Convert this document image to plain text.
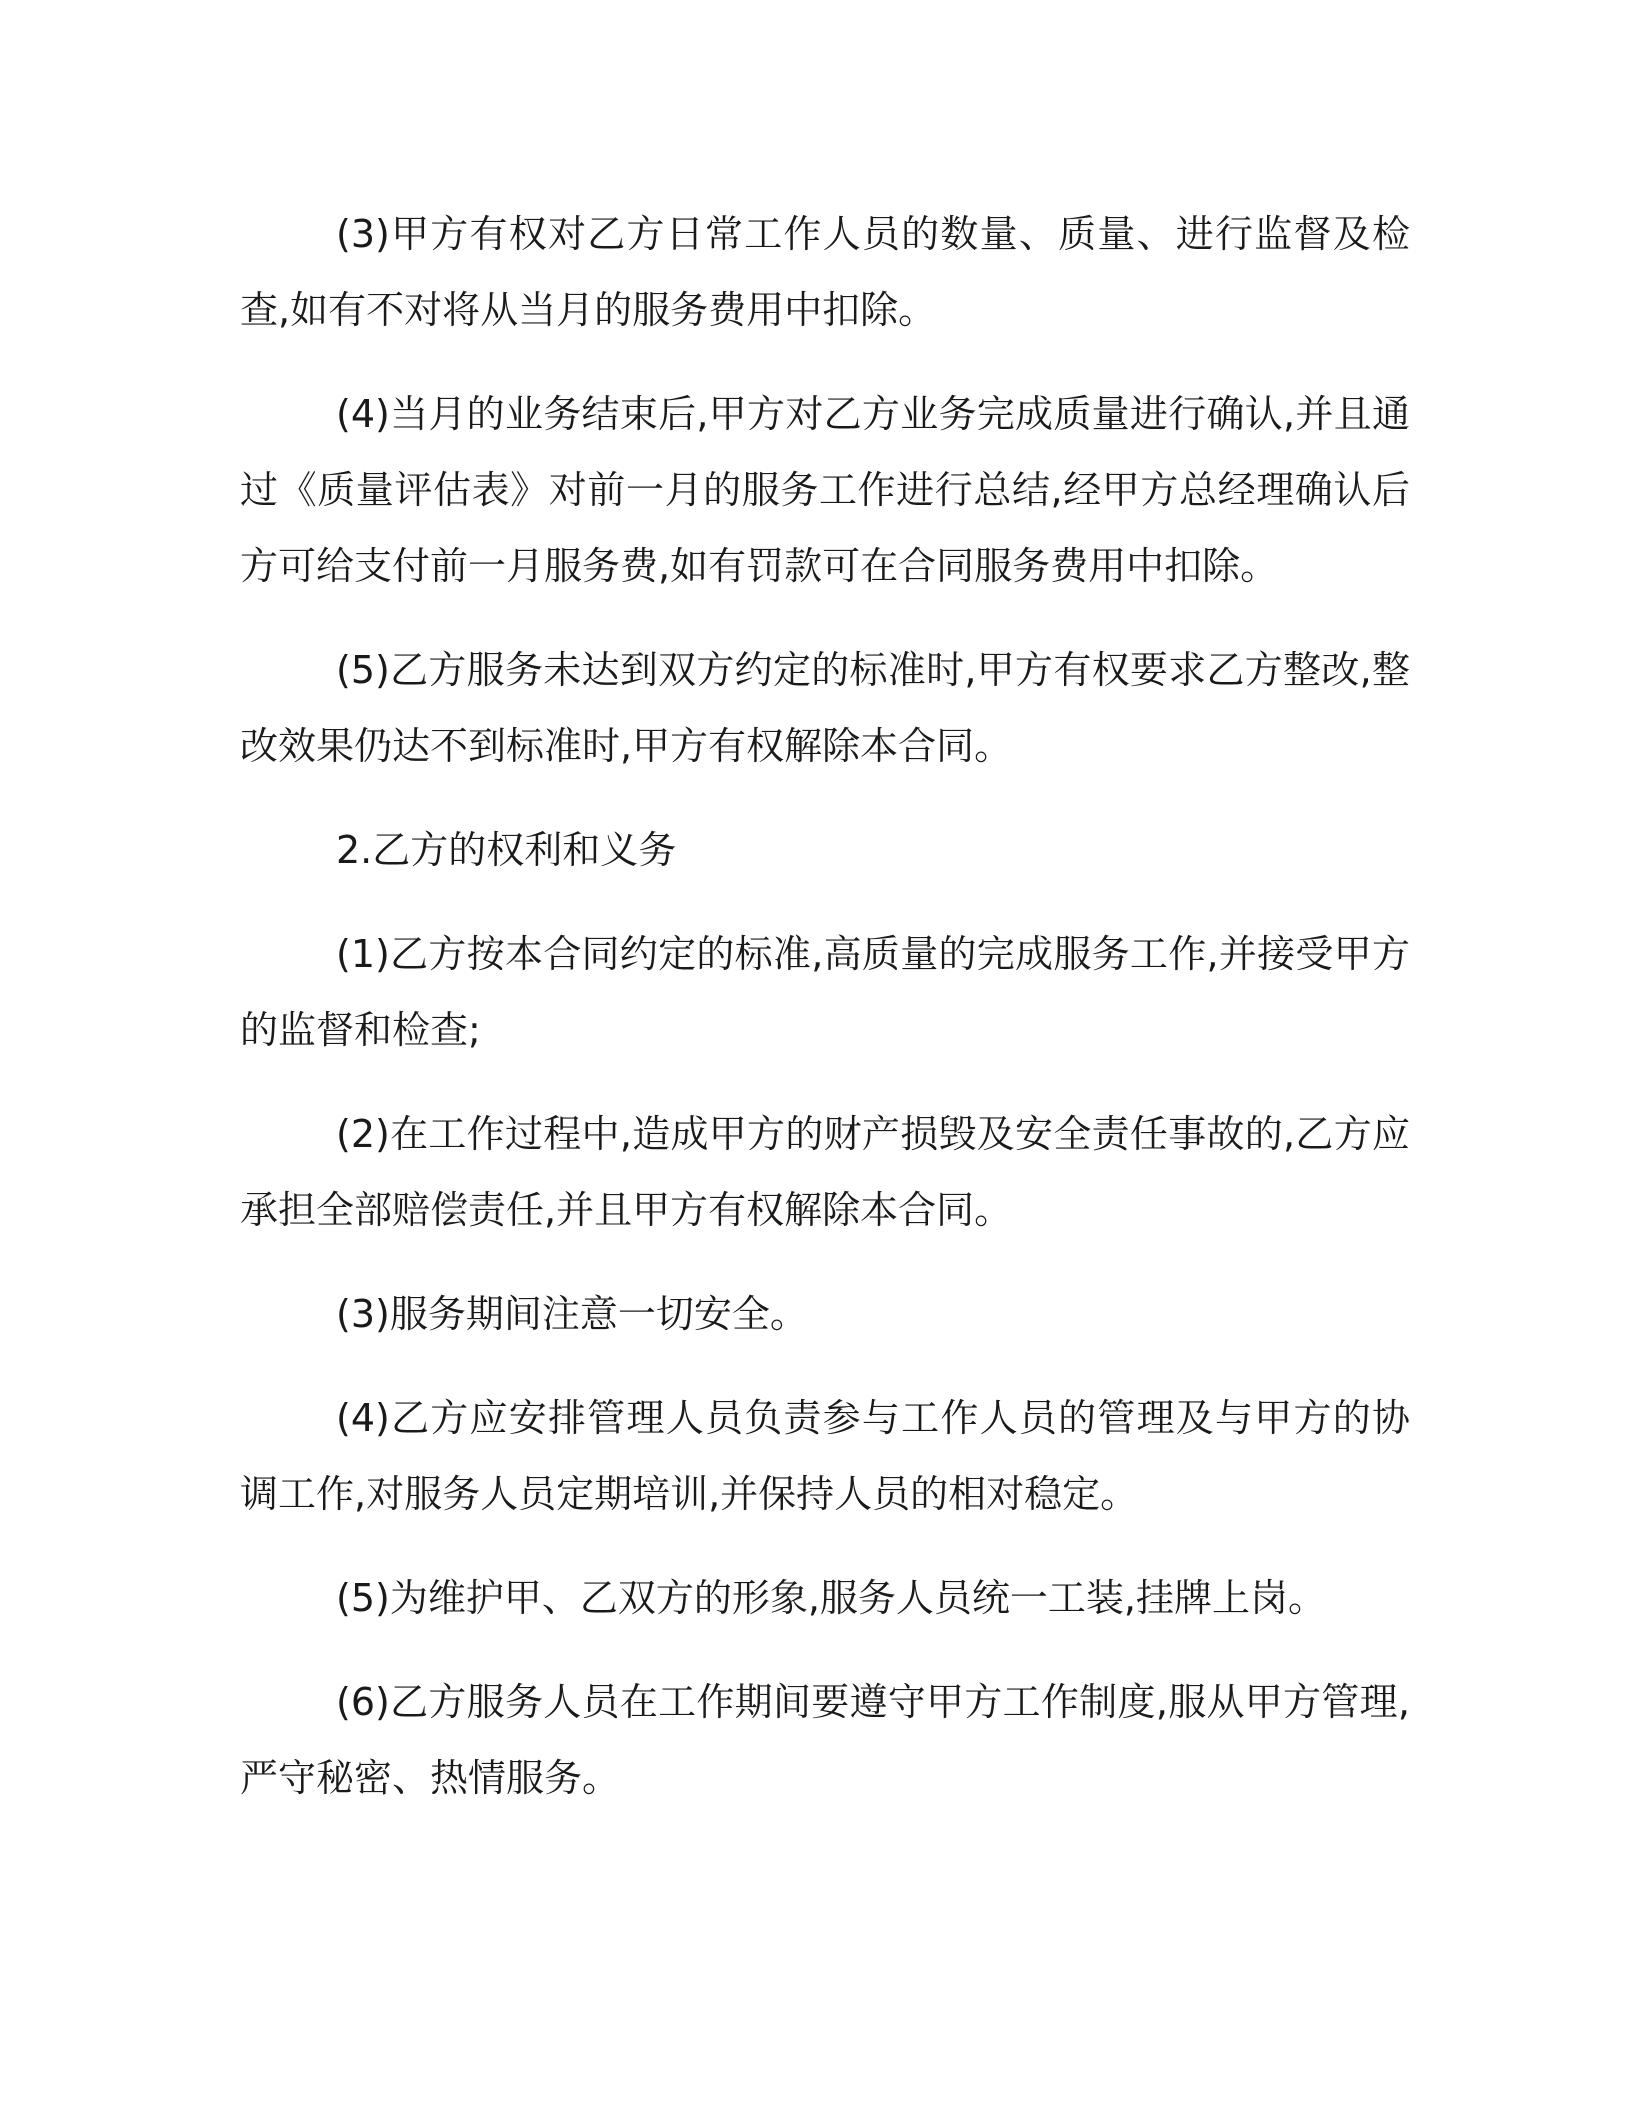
(3)甲方有权对乙方日常工作人员的数量、质量、进行监督及检查,如有不对将从当月的服务费用中扣除。

(4)当月的业务结束后,甲方对乙方业务完成质量进行确认,并且通过《质量评估表》对前一月的服务工作进行总结,经甲方总经理确认后方可给支付前一月服务费,如有罚款可在合同服务费用中扣除。

(5)乙方服务未达到双方约定的标准时,甲方有权要求乙方整改,整改效果仍达不到标准时,甲方有权解除本合同。

2.乙方的权利和义务

(1)乙方按本合同约定的标准,高质量的完成服务工作,并接受甲方的监督和检查;

(2)在工作过程中,造成甲方的财产损毁及安全责任事故的,乙方应承担全部赔偿责任,并且甲方有权解除本合同。

(3)服务期间注意一切安全。

(4)乙方应安排管理人员负责参与工作人员的管理及与甲方的协调工作,对服务人员定期培训,并保持人员的相对稳定。

(5)为维护甲、乙双方的形象,服务人员统一工装,挂牌上岗。

(6)乙方服务人员在工作期间要遵守甲方工作制度,服从甲方管理,严守秘密、热情服务。
